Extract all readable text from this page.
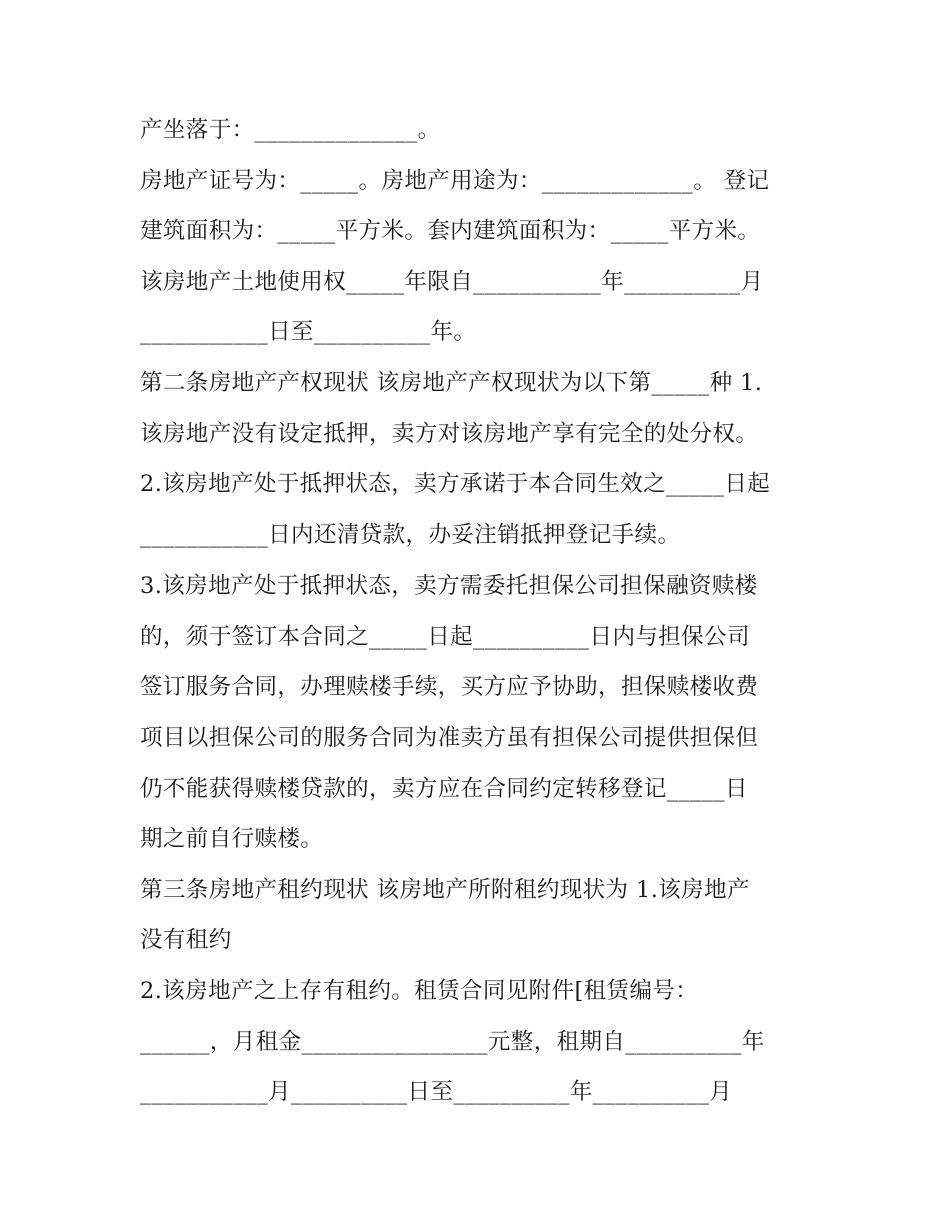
产坐落于：______________。

房地产证号为：_____。房地产用途为：_____________。 登记

建筑面积为：_____平方米。套内建筑面积为：_____平方米。

该房地产土地使用权_____年限自___________年__________月

___________日至__________年。

第二条房地产产权现状 该房地产产权现状为以下第_____种 1.

该房地产没有设定抵押，卖方对该房地产享有完全的处分权。

2.该房地产处于抵押状态，卖方承诺于本合同生效之_____日起

___________日内还清贷款，办妥注销抵押登记手续。

3.该房地产处于抵押状态，卖方需委托担保公司担保融资赎楼

的，须于签订本合同之_____日起__________日内与担保公司

签订服务合同，办理赎楼手续，买方应予协助，担保赎楼收费

项目以担保公司的服务合同为准卖方虽有担保公司提供担保但

仍不能获得赎楼贷款的，卖方应在合同约定转移登记_____日

期之前自行赎楼。

第三条房地产租约现状 该房地产所附租约现状为 1.该房地产

没有租约

2.该房地产之上存有租约。租赁合同见附件[租赁编号：

______，月租金________________元整，租期自__________年

___________月__________日至__________年__________月
